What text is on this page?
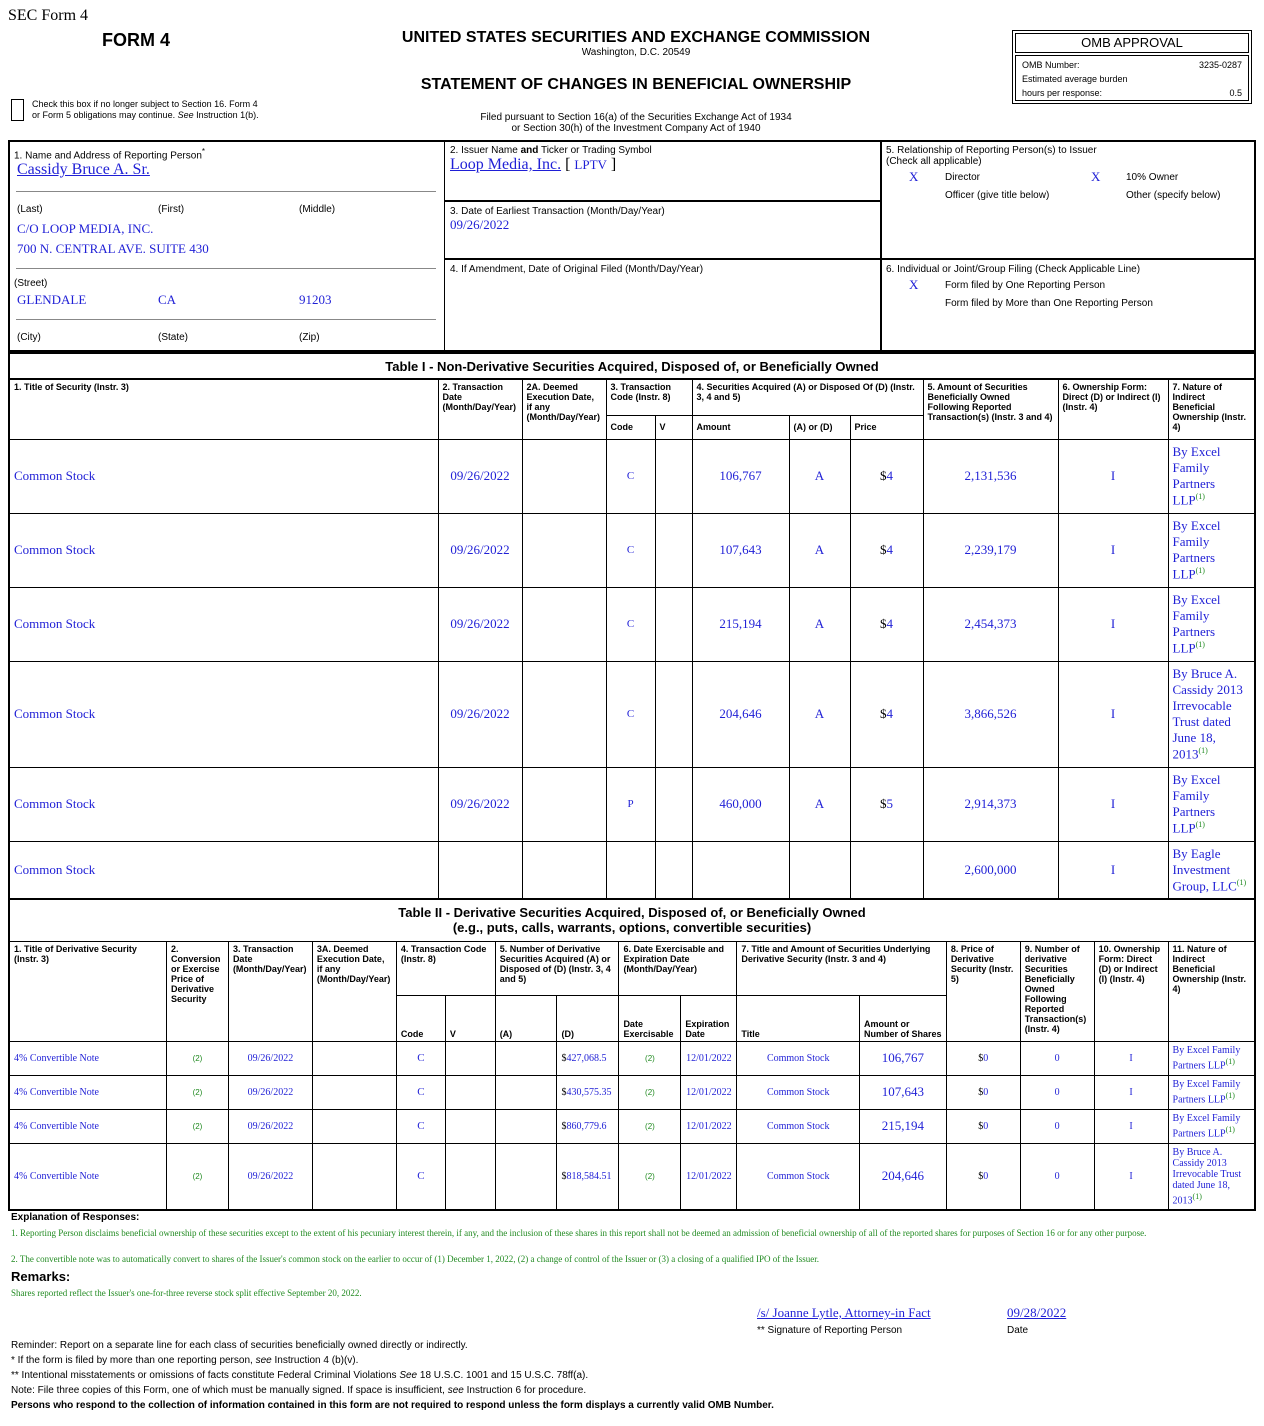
SEC Form 4
FORM 4	UNITED STATES SECURITIES AND EXCHANGE COMMISSION
Washington, D.C. 20549
STATEMENT OF CHANGES IN BENEFICIAL OWNERSHIP
Check this box if no longer subject to Section 16. Form 4
or Form 5 obligations may continue. See Instruction 1(b).	Filed pursuant to Section 16(a) of the Securities Exchange Act of 1934
or Section 30(h) of the Investment Company Act of 1940
OMB APPROVAL
OMB Number:	3235-0287
Estimated average burden
hours per response:	0.5
1. Name and Address of Reporting Person*
Cassidy Bruce A. Sr.
(Last)	(First)	(Middle)
C/O LOOP MEDIA, INC.
700 N. CENTRAL AVE. SUITE 430
(Street)
GLENDALE	CA	91203
(City)	(State)	(Zip)
2. Issuer Name and Ticker or Trading Symbol
Loop Media, Inc. [ LPTV ]
3. Date of Earliest Transaction (Month/Day/Year)
09/26/2022
4. If Amendment, Date of Original Filed (Month/Day/Year)
5. Relationship of Reporting Person(s) to Issuer
(Check all applicable)
X	Director	X	10% Owner
Officer (give title below)	Other (specify below)
6. Individual or Joint/Group Filing (Check Applicable Line)
X	Form filed by One Reporting Person
Form filed by More than One Reporting Person
Table I - Non-Derivative Securities Acquired, Disposed of, or Beneficially Owned										
1. Title of Security (Instr. 3)	2. Transaction Date (Month/Day/Year)	2A. Deemed Execution Date, if any (Month/Day/Year)	3. Transaction Code (Instr. 8)		4. Securities Acquired (A) or Disposed Of (D) (Instr. 3, 4 and 5)			5. Amount of Securities Beneficially Owned Following Reported Transaction(s) (Instr. 3 and 4)	6. Ownership Form: Direct (D) or Indirect (I) (Instr. 4)	7. Nature of Indirect Beneficial Ownership (Instr. 4)
			Code	V	Amount	(A) or (D)	Price			
Common Stock	09/26/2022		C		106,767	A	$4	2,131,536	I	By Excel Family Partners LLP$^{(1)}$
Common Stock	09/26/2022		C		107,643	A	$4	2,239,179	I	By Excel Family Partners LLP$^{(1)}$
Common Stock	09/26/2022		C		215,194	A	$4	2,454,373	I	By Excel Family Partners LLP$^{(1)}$
Common Stock	09/26/2022		C		204,646	A	$4	3,866,526	I	By Bruce A. Cassidy 2013 Irrevocable Trust dated June 18, 2013$^{(1)}$
Common Stock	09/26/2022		P		460,000	A	$5	2,914,373	I	By Excel Family Partners LLP$^{(1)}$
Common Stock								2,600,000	I	By Eagle Investment Group, LLC$^{(1)}$
Table II - Derivative Securities Acquired, Disposed of, or Beneficially Owned
(e.g., puts, calls, warrants, options, convertible securities)															

1. Title of Derivative Security (Instr. 3)	2. Conversion or Exercise Price of Derivative Security	3. Transaction Date (Month/Day/Year)	3A. Deemed Execution Date, if any (Month/Day/Year)	4. Transaction Code (Instr. 8)		5. Number of Derivative Securities Acquired (A) or Disposed of (D) (Instr. 3, 4 and 5)		6. Date Exercisable and Expiration Date (Month/Day/Year)		7. Title and Amount of Securities Underlying Derivative Security (Instr. 3 and 4)		8. Price of Derivative Security (Instr. 5)	9. Number of derivative Securities Beneficially Owned Following Reported Transaction(s) (Instr. 4)	10. Ownership Form: Direct (D) or Indirect (I) (Instr. 4)	11. Nature of Indirect Beneficial Ownership (Instr. 4)
				Code	V	(A)	(D)	Date Exercisable	Expiration Date	Title	Amount or Number of Shares				
4% Convertible Note	(2)	09/26/2022		C			$427,068.5	(2)	12/01/2022	Common Stock	106,767	$0	0	I	By Excel Family Partners LLP$^{(1)}$
4% Convertible Note	(2)	09/26/2022		C			$430,575.35	(2)	12/01/2022	Common Stock	107,643	$0	0	I	By Excel Family Partners LLP$^{(1)}$
4% Convertible Note	(2)	09/26/2022		C			$860,779.6	(2)	12/01/2022	Common Stock	215,194	$0	0	I	By Excel Family Partners LLP$^{(1)}$
4% Convertible Note	(2)	09/26/2022		C			$818,584.51	(2)	12/01/2022	Common Stock	204,646	$0	0	I	By Bruce A. Cassidy 2013 Irrevocable Trust dated June 18, 2013$^{(1)}$
Explanation of Responses:
1. Reporting Person disclaims beneficial ownership of these securities except to the extent of his pecuniary interest therein, if any, and the inclusion of these shares in this report shall not be deemed an admission of beneficial ownership of all of the reported shares for purposes of Section 16 or for any other purpose.
2. The convertible note was to automatically convert to shares of the Issuer's common stock on the earlier to occur of (1) December 1, 2022, (2) a change of control of the Issuer or (3) a closing of a qualified IPO of the Issuer.
Remarks:
Shares reported reflect the Issuer's one-for-three reverse stock split effective September 20, 2022.
/s/ Joanne Lytle, Attorney-in Fact	09/28/2022
** Signature of Reporting Person	Date
Reminder: Report on a separate line for each class of securities beneficially owned directly or indirectly.
* If the form is filed by more than one reporting person, see Instruction 4 (b)(v).
** Intentional misstatements or omissions of facts constitute Federal Criminal Violations See 18 U.S.C. 1001 and 15 U.S.C. 78ff(a).
Note: File three copies of this Form, one of which must be manually signed. If space is insufficient, see Instruction 6 for procedure.
Persons who respond to the collection of information contained in this form are not required to respond unless the form displays a currently valid OMB Number.
